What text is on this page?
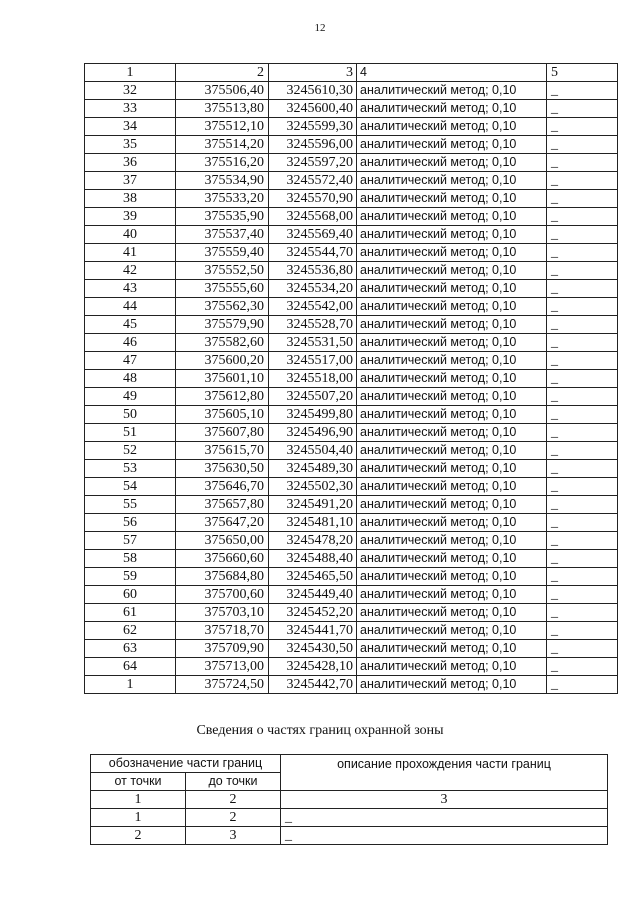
12
1	2	3	4	5
32	375506,40	3245610,30	аналитический метод; 0,10	_
33	375513,80	3245600,40	аналитический метод; 0,10	_
34	375512,10	3245599,30	аналитический метод; 0,10	_
35	375514,20	3245596,00	аналитический метод; 0,10	_
36	375516,20	3245597,20	аналитический метод; 0,10	_
37	375534,90	3245572,40	аналитический метод; 0,10	_
38	375533,20	3245570,90	аналитический метод; 0,10	_
39	375535,90	3245568,00	аналитический метод; 0,10	_
40	375537,40	3245569,40	аналитический метод; 0,10	_
41	375559,40	3245544,70	аналитический метод; 0,10	_
42	375552,50	3245536,80	аналитический метод; 0,10	_
43	375555,60	3245534,20	аналитический метод; 0,10	_
44	375562,30	3245542,00	аналитический метод; 0,10	_
45	375579,90	3245528,70	аналитический метод; 0,10	_
46	375582,60	3245531,50	аналитический метод; 0,10	_
47	375600,20	3245517,00	аналитический метод; 0,10	_
48	375601,10	3245518,00	аналитический метод; 0,10	_
49	375612,80	3245507,20	аналитический метод; 0,10	_
50	375605,10	3245499,80	аналитический метод; 0,10	_
51	375607,80	3245496,90	аналитический метод; 0,10	_
52	375615,70	3245504,40	аналитический метод; 0,10	_
53	375630,50	3245489,30	аналитический метод; 0,10	_
54	375646,70	3245502,30	аналитический метод; 0,10	_
55	375657,80	3245491,20	аналитический метод; 0,10	_
56	375647,20	3245481,10	аналитический метод; 0,10	_
57	375650,00	3245478,20	аналитический метод; 0,10	_
58	375660,60	3245488,40	аналитический метод; 0,10	_
59	375684,80	3245465,50	аналитический метод; 0,10	_
60	375700,60	3245449,40	аналитический метод; 0,10	_
61	375703,10	3245452,20	аналитический метод; 0,10	_
62	375718,70	3245441,70	аналитический метод; 0,10	_
63	375709,90	3245430,50	аналитический метод; 0,10	_
64	375713,00	3245428,10	аналитический метод; 0,10	_
1	375724,50	3245442,70	аналитический метод; 0,10	_
Сведения о частях границ охранной зоны
обозначение части границ		описание прохождения части границ
от точки	до точки	
1	2	3
1	2	_
2	3	_
